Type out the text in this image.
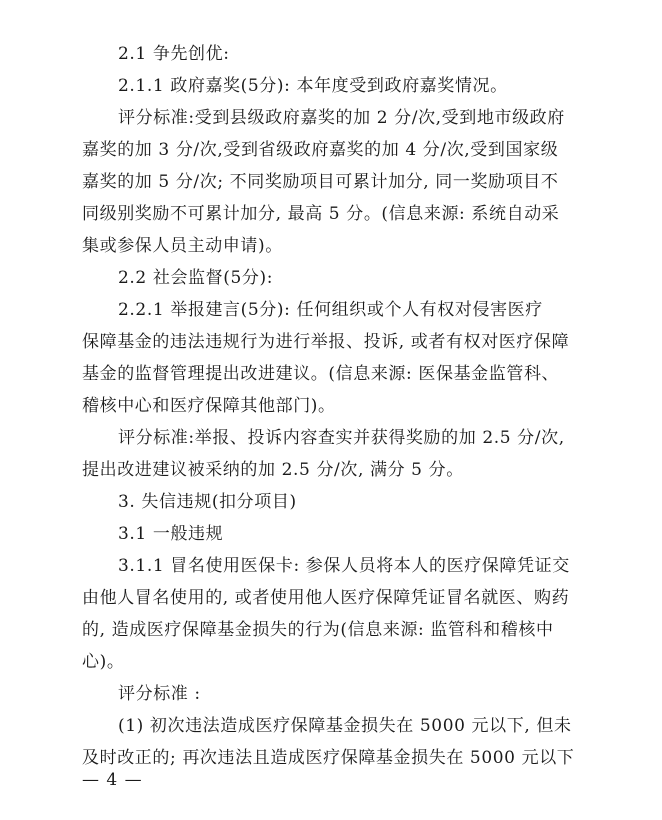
2.1 争先创优:
2.1.1 政府嘉奖(5分): 本年度受到政府嘉奖情况。
评分标准:受到县级政府嘉奖的加 2 分/次,受到地市级政府
嘉奖的加 3 分/次,受到省级政府嘉奖的加 4 分/次,受到国家级
嘉奖的加 5 分/次; 不同奖励项目可累计加分, 同一奖励项目不
同级别奖励不可累计加分, 最高 5 分。(信息来源: 系统自动采
集或参保人员主动申请)。
2.2 社会监督(5分):
2.2.1 举报建言(5分): 任何组织或个人有权对侵害医疗
保障基金的违法违规行为进行举报、投诉, 或者有权对医疗保障
基金的监督管理提出改进建议。(信息来源: 医保基金监管科、
稽核中心和医疗保障其他部门)。
评分标准:举报、投诉内容查实并获得奖励的加 2.5 分/次,
提出改进建议被采纳的加 2.5 分/次, 满分 5 分。
3. 失信违规(扣分项目)
3.1 一般违规
3.1.1 冒名使用医保卡: 参保人员将本人的医疗保障凭证交
由他人冒名使用的, 或者使用他人医疗保障凭证冒名就医、购药
的, 造成医疗保障基金损失的行为(信息来源: 监管科和稽核中
心)。
评分标准 :
(1) 初次违法造成医疗保障基金损失在 5000 元以下, 但未
及时改正的; 再次违法且造成医疗保障基金损失在 5000 元以下
— 4 —
